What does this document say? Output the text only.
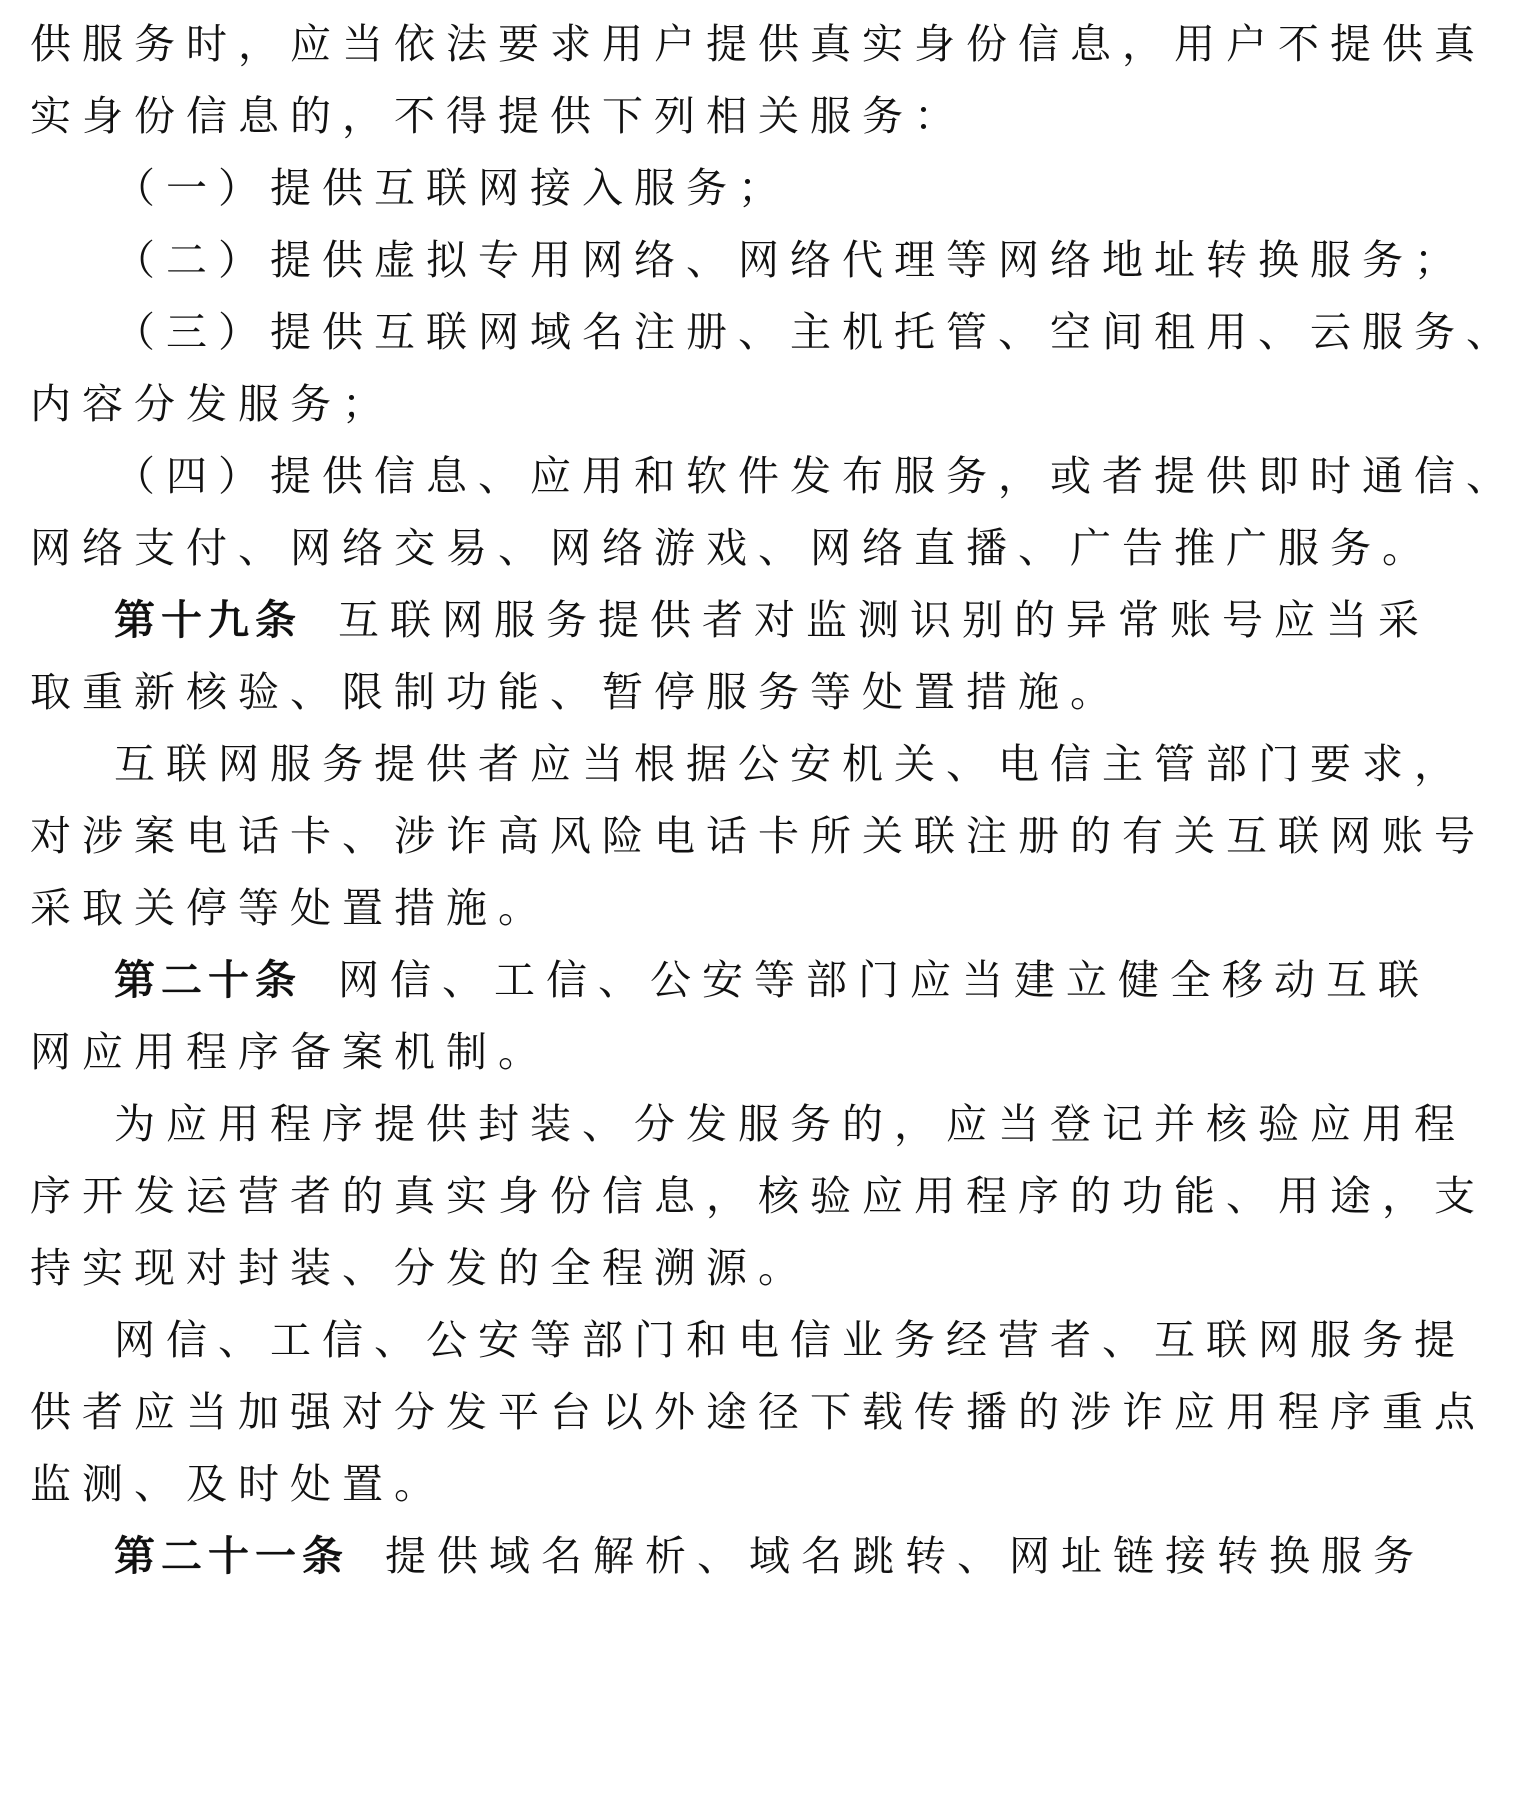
供服务时，应当依法要求用户提供真实身份信息，用户不提供真
实身份信息的，不得提供下列相关服务：
（一）提供互联网接入服务；
（二）提供虚拟专用网络、网络代理等网络地址转换服务；
（三）提供互联网域名注册、主机托管、空间租用、云服务、
内容分发服务；
（四）提供信息、应用和软件发布服务，或者提供即时通信、
网络支付、网络交易、网络游戏、网络直播、广告推广服务。
第十九条 互联网服务提供者对监测识别的异常账号应当采
取重新核验、限制功能、暂停服务等处置措施。
互联网服务提供者应当根据公安机关、电信主管部门要求，
对涉案电话卡、涉诈高风险电话卡所关联注册的有关互联网账号
采取关停等处置措施。
第二十条 网信、工信、公安等部门应当建立健全移动互联
网应用程序备案机制。
为应用程序提供封装、分发服务的，应当登记并核验应用程
序开发运营者的真实身份信息，核验应用程序的功能、用途，支
持实现对封装、分发的全程溯源。
网信、工信、公安等部门和电信业务经营者、互联网服务提
供者应当加强对分发平台以外途径下载传播的涉诈应用程序重点
监测、及时处置。
第二十一条 提供域名解析、域名跳转、网址链接转换服务
